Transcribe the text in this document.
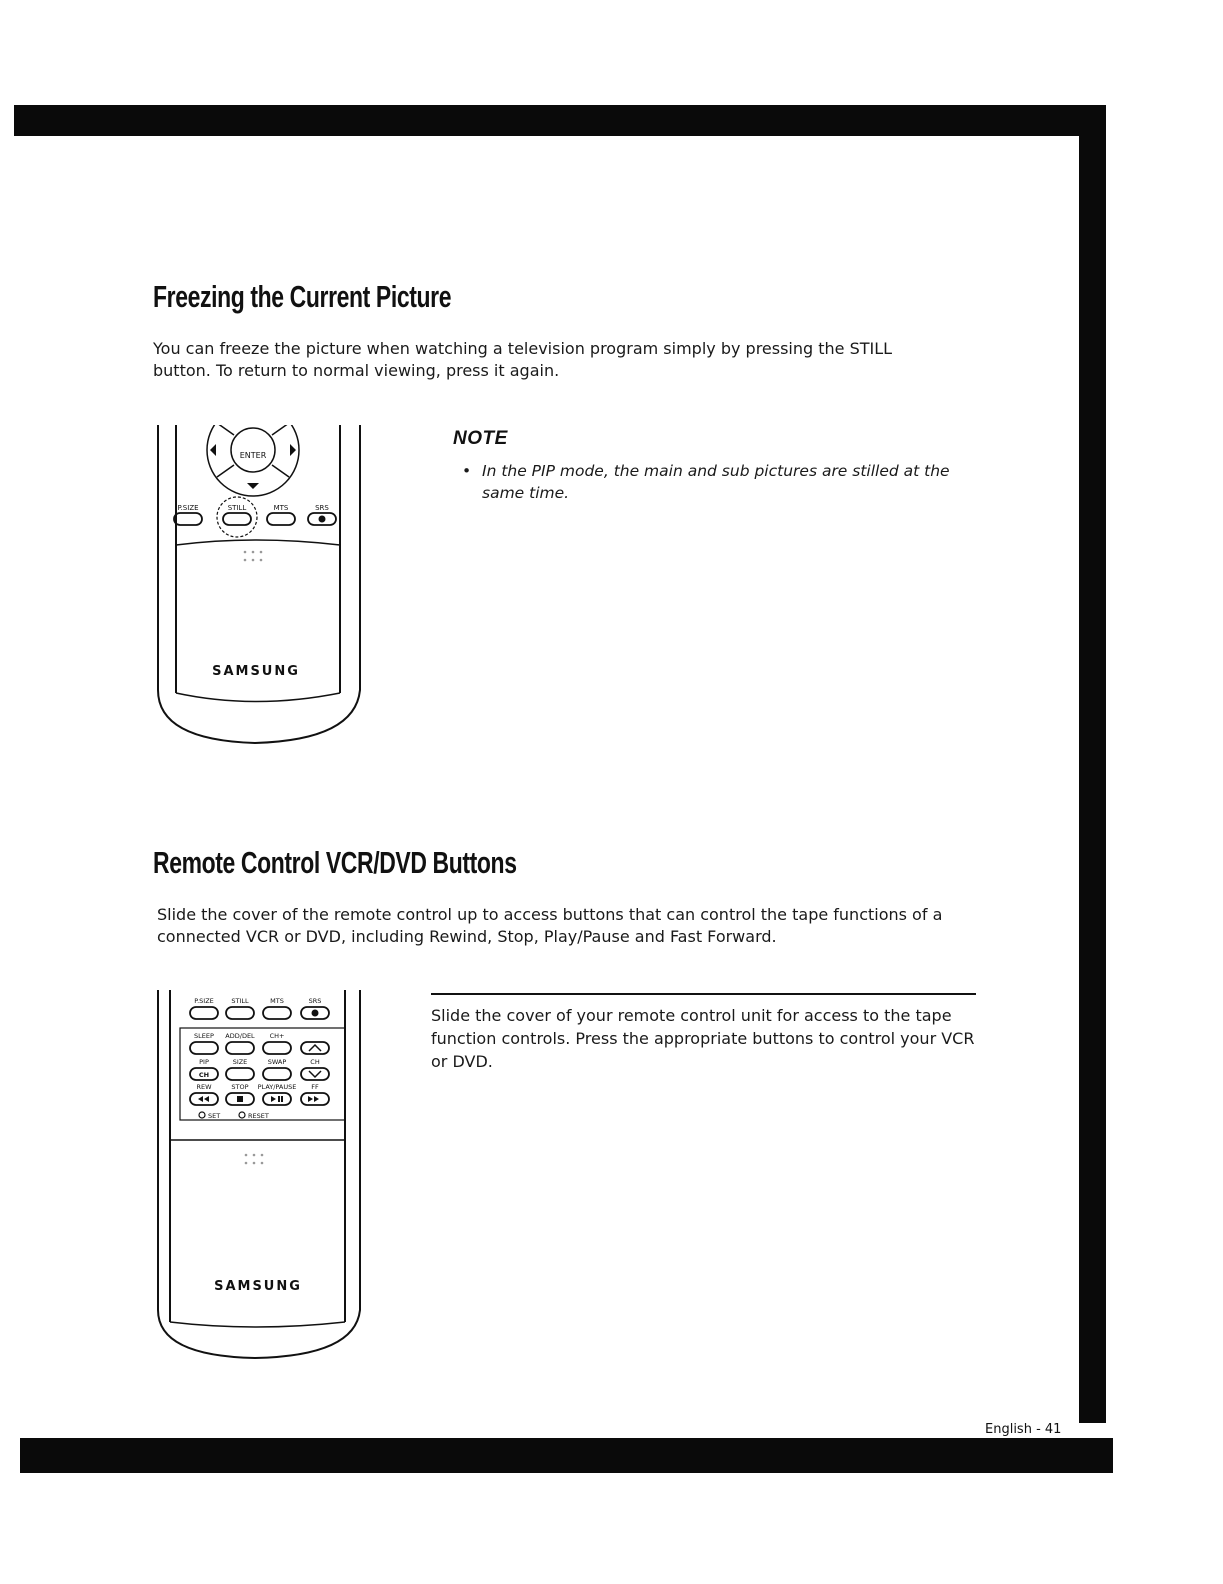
Freezing the Current Picture

You can freeze the picture when watching a television program simply by pressing the STILL button. To return to normal viewing, press it again.

ENTER
P.SIZE	STILL	MTS	SRS
SAMSUNG

NOTE

• In the PIP mode, the main and sub pictures are stilled at the same time.
Remote Control VCR/DVD Buttons

Slide the cover of the remote control up to access buttons that can control the tape functions of a connected VCR or DVD, including Rewind, Stop, Play/Pause and Fast Forward.

Slide the cover of your remote control unit for access to the tape function controls. Press the appropriate buttons to control your VCR or DVD.

P.SIZE	STILL	MTS	SRS
SLEEP ADD/DEL CH+
PIP	SIZE	SWAP	CH
REW	STOP PLAY/PAUSE FF
CH
SET	RESET
SAMSUNG
English - 41
